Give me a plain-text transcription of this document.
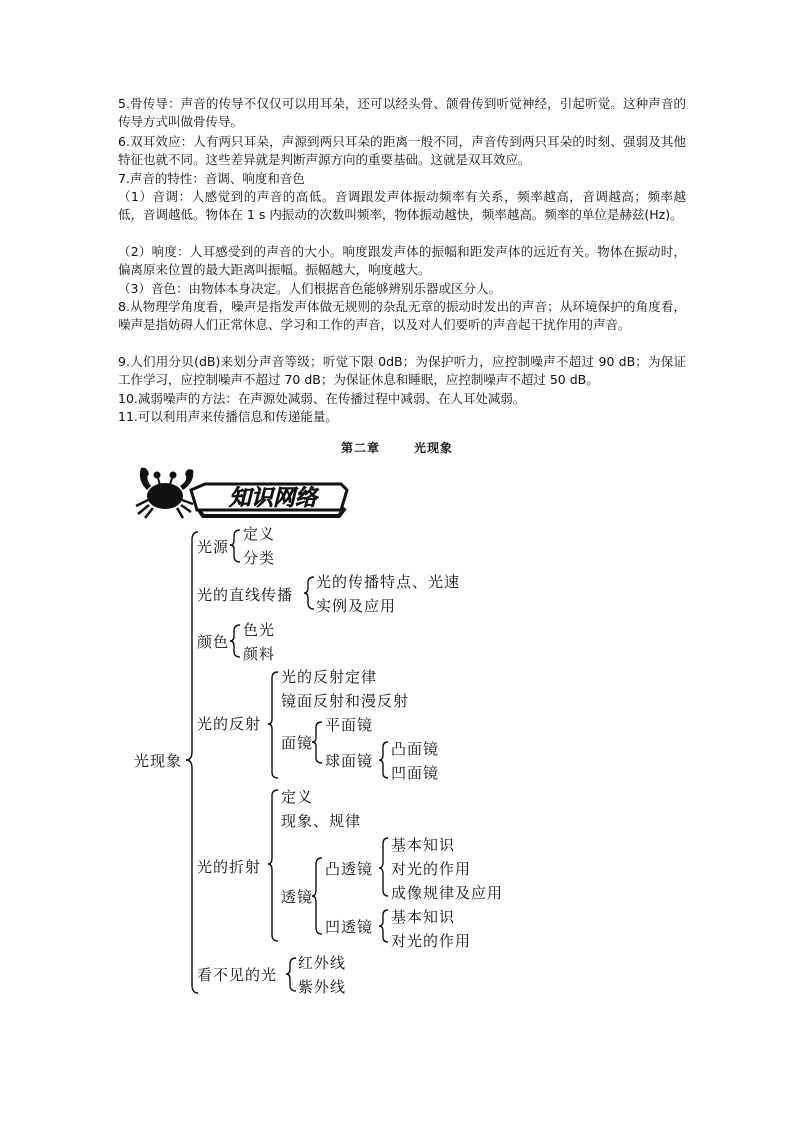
5.骨传导：声音的传导不仅仅可以用耳朵，还可以经头骨、颌骨传到听觉神经，引起听觉。这种声音的传导方式叫做骨传导。
6.双耳效应：人有两只耳朵，声源到两只耳朵的距离一般不同，声音传到两只耳朵的时刻、强弱及其他特征也就不同。这些差异就是判断声源方向的重要基础。这就是双耳效应。
7.声音的特性：音调、响度和音色
（1）音调：人感觉到的声音的高低。音调跟发声体振动频率有关系，频率越高，音调越高；频率越低，音调越低。物体在 1 s 内振动的次数叫频率，物体振动越快，频率越高。频率的单位是赫兹(Hz)。
（2）响度：人耳感受到的声音的大小。响度跟发声体的振幅和距发声体的远近有关。物体在振动时，偏离原来位置的最大距离叫振幅。振幅越大，响度越大。
（3）音色：由物体本身决定。人们根据音色能够辨别乐器或区分人。
8.从物理学角度看，噪声是指发声体做无规则的杂乱无章的振动时发出的声音；从环境保护的角度看，噪声是指妨碍人们正常休息、学习和工作的声音，以及对人们要听的声音起干扰作用的声音。
9.人们用分贝(dB)来划分声音等级；听觉下限 0dB；为保护听力，应控制噪声不超过 90 dB；为保证工作学习，应控制噪声不超过 70 dB；为保证休息和睡眠，应控制噪声不超过 50 dB。
10.减弱噪声的方法：在声源处减弱、在传播过程中减弱、在人耳处减弱。
11.可以利用声来传播信息和传递能量。
第二章	光现象
知识网络
光现象
光源
定义
分类
光的直线传播
光的传播特点、光速
实例及应用
颜色
色光
颜料
光的反射
光的反射定律
镜面反射和漫反射
面镜
平面镜
球面镜
凸面镜
凹面镜
光的折射
定义
现象、规律
透镜
凸透镜
基本知识
对光的作用
成像规律及应用
凹透镜
基本知识
对光的作用
看不见的光
红外线
紫外线
